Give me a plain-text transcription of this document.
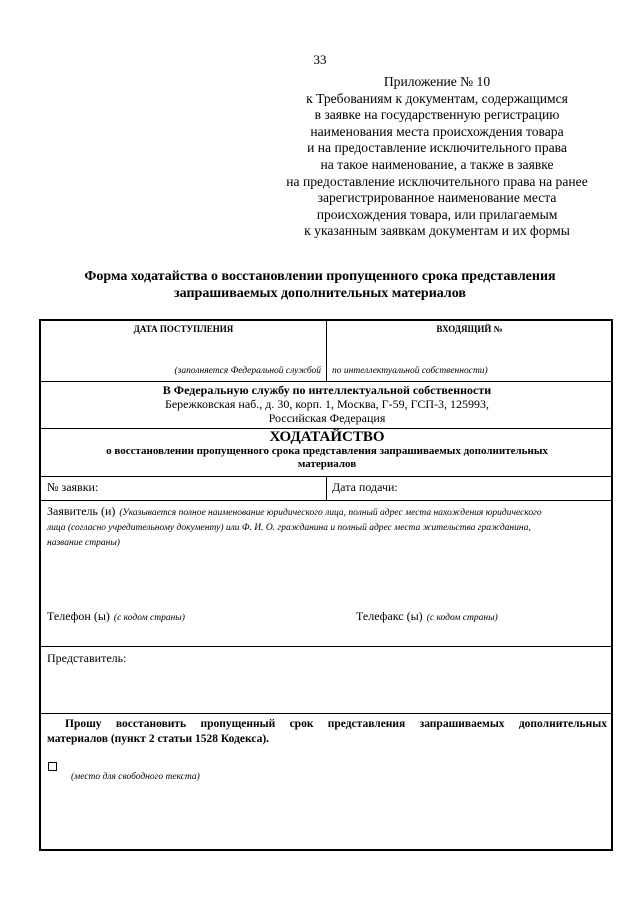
33
Приложение № 10
к Требованиям к документам, содержащимся
в заявке на государственную регистрацию
наименования места происхождения товара
и на предоставление исключительного права
на такое наименование, а также в заявке
на предоставление исключительного права на ранее
зарегистрированное наименование места
происхождения товара, или прилагаемым
к указанным заявкам документам и их формы
Форма ходатайства о восстановлении пропущенного срока представления
запрашиваемых дополнительных материалов
ДАТА ПОСТУПЛЕНИЯ	ВХОДЯЩИЙ №
(заполняется Федеральной службой по интеллектуальной собственности)
В Федеральную службу по интеллектуальной собственности
Бережковская наб., д. 30, корп. 1, Москва, Г-59, ГСП-3, 125993,
Российская Федерация
ХОДАТАЙСТВО
о восстановлении пропущенного срока представления запрашиваемых дополнительных
материалов
№ заявки:	Дата подачи:
Заявитель (и) (Указывается полное наименование юридического лица, полный адрес места нахождения юридического
лица (согласно учредительному документу) или Ф. И. О. гражданина и полный адрес места жительства гражданина,
название страны)
Телефон (ы) (с кодом страны)	Телефакс (ы) (с кодом страны)
Представитель:
Прошу восстановить пропущенный срок представления запрашиваемых дополнительных
материалов (пункт 2 статьи 1528 Кодекса).
(место для свободного текста)
